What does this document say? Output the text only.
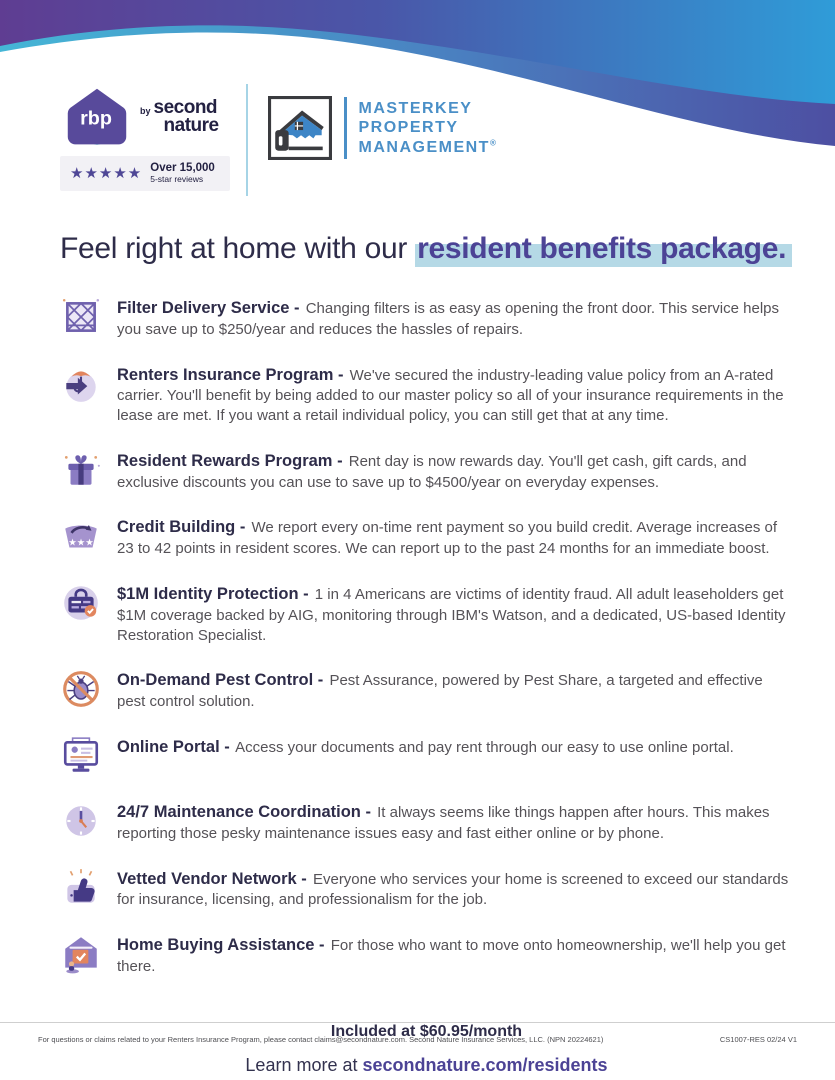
rbp	by second
nature
★★★★★ Over 15,000
5-star reviews
MASTERKEY
PROPERTY
MANAGEMENT®
Feel right at home with our resident benefits package.

Filter Delivery Service - Changing filters is as easy as opening the front door. This service helps you save up to $250/year and reduces the hassles of repairs.

Renters Insurance Program - We've secured the industry-leading value policy from an A-rated carrier. You'll benefit by being added to our master policy so all of your insurance requirements in the lease are met. If you want a retail individual policy, you can still get that at any time.

Resident Rewards Program - Rent day is now rewards day. You'll get cash, gift cards, and exclusive discounts you can use to save up to $4500/year on everyday expenses.

★★★

Credit Building - We report every on-time rent payment so you build credit. Average increases of 23 to 42 points in resident scores. We can report up to the past 24 months for an immediate boost.

$1M Identity Protection - 1 in 4 Americans are victims of identity fraud. All adult leaseholders get $1M coverage backed by AIG, monitoring through IBM's Watson, and a dedicated, US-based Identity Restoration Specialist.

On-Demand Pest Control - Pest Assurance, powered by Pest Share, a targeted and effective pest control solution.

Online Portal - Access your documents and pay rent through our easy to use online portal.

24/7 Maintenance Coordination - It always seems like things happen after hours. This makes reporting those pesky maintenance issues easy and fast either online or by phone.

Vetted Vendor Network - Everyone who services your home is screened to exceed our standards for insurance, licensing, and professionalism for the job.

Home Buying Assistance - For those who want to move onto homeownership, we'll help you get there.

Included at $60.95/month
Learn more at secondnature.com/residents
For questions or claims related to your Renters Insurance Program, please contact claims@secondnature.com. Second Nature Insurance Services, LLC. (NPN 20224621)	CS1007-RES 02/24 V1
